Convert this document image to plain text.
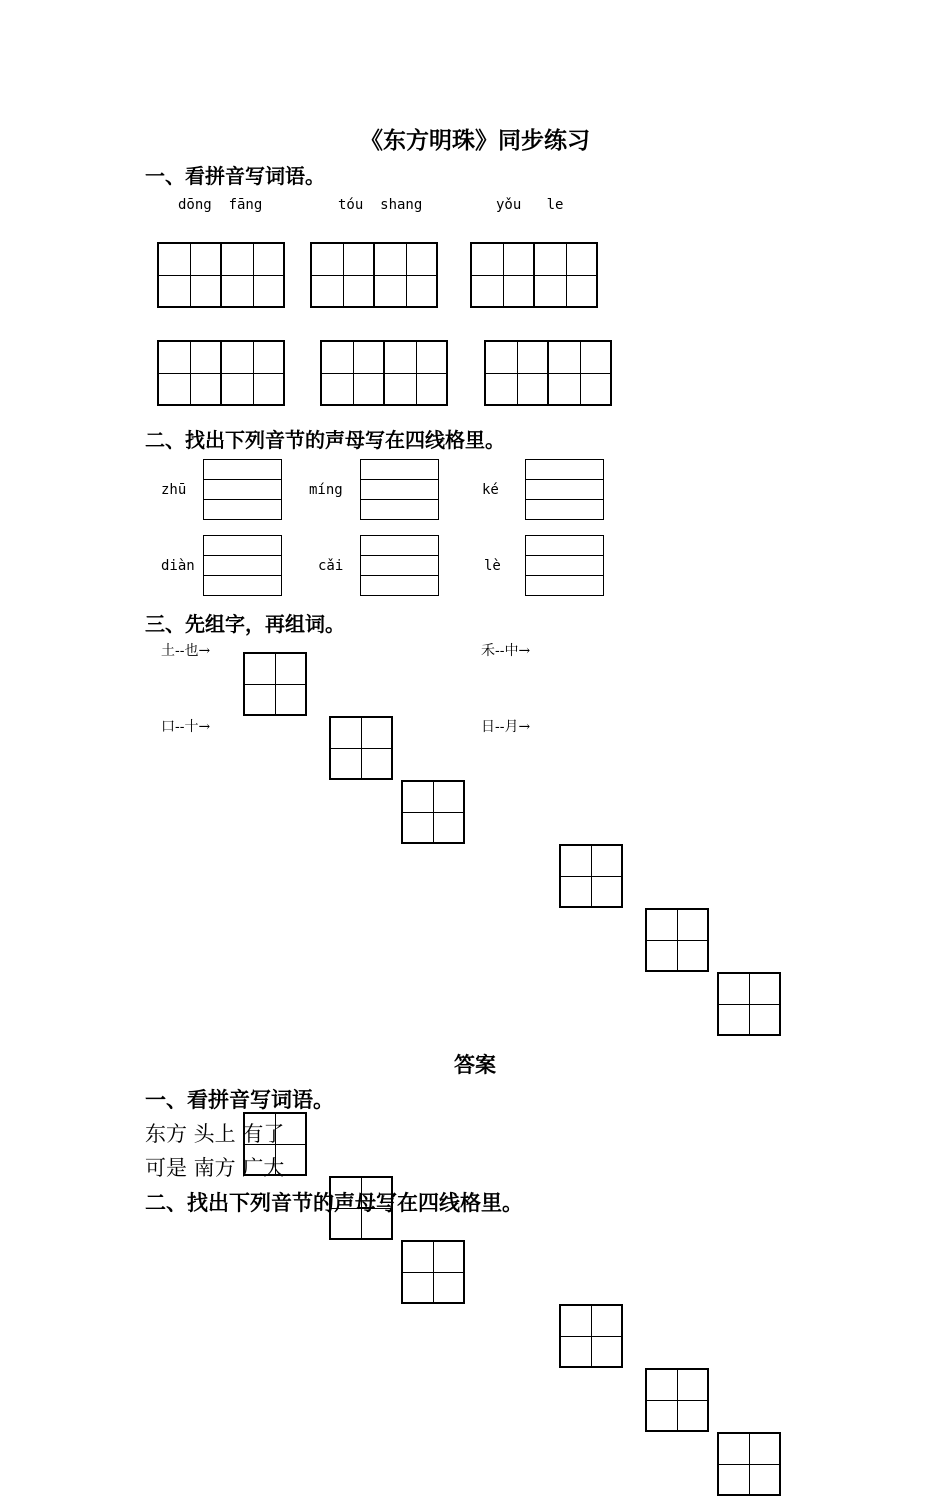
《东方明珠》同步练习
一、看拼音写词语。
dōng  fāng	tóu  shang	yǒu   le
kě    shì	nán  fāng	guǎng   dà
二、找出下列音节的声母写在四线格里。
zhū	míng	ké
diàn	cǎi	lè
三、先组字，再组词。
土--也→	禾--中→
口--十→	日--月→
答案
一、看拼音写词语。
东方 头上 有了
可是 南方 广大
二、找出下列音节的声母写在四线格里。
